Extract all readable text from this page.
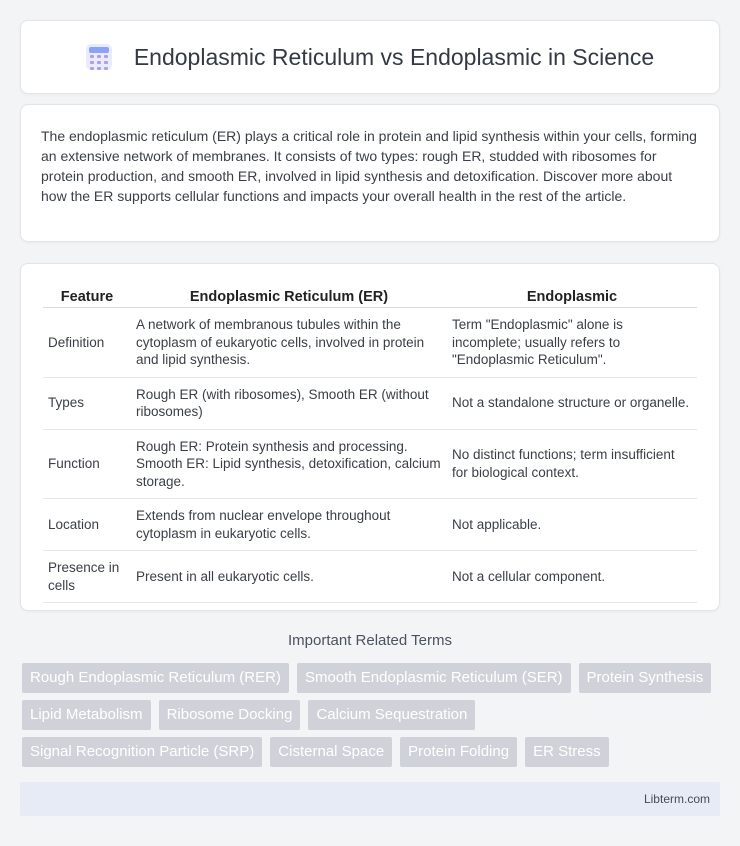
Endoplasmic Reticulum vs Endoplasmic in Science

The endoplasmic reticulum (ER) plays a critical role in protein and lipid synthesis within your cells, forming an extensive network of membranes. It consists of two types: rough ER, studded with ribosomes for protein production, and smooth ER, involved in lipid synthesis and detoxification. Discover more about how the ER supports cellular functions and impacts your overall health in the rest of the article.

Feature	Endoplasmic Reticulum (ER)	Endoplasmic
Definition	A network of membranous tubules within the cytoplasm of eukaryotic cells, involved in protein and lipid synthesis.	Term "Endoplasmic" alone is incomplete; usually refers to "Endoplasmic Reticulum".
Types	Rough ER (with ribosomes), Smooth ER (without ribosomes)	Not a standalone structure or organelle.
Function	Rough ER: Protein synthesis and processing. Smooth ER: Lipid synthesis, detoxification, calcium storage.	No distinct functions; term insufficient for biological context.
Location	Extends from nuclear envelope throughout cytoplasm in eukaryotic cells.	Not applicable.
Presence in cells	Present in all eukaryotic cells.	Not a cellular component.
Important Related Terms
Rough Endoplasmic Reticulum (RER)	Smooth Endoplasmic Reticulum (SER)	Protein Synthesis
Lipid Metabolism	Ribosome Docking	Calcium Sequestration
Signal Recognition Particle (SRP)	Cisternal Space	Protein Folding	ER Stress
Libterm.com
